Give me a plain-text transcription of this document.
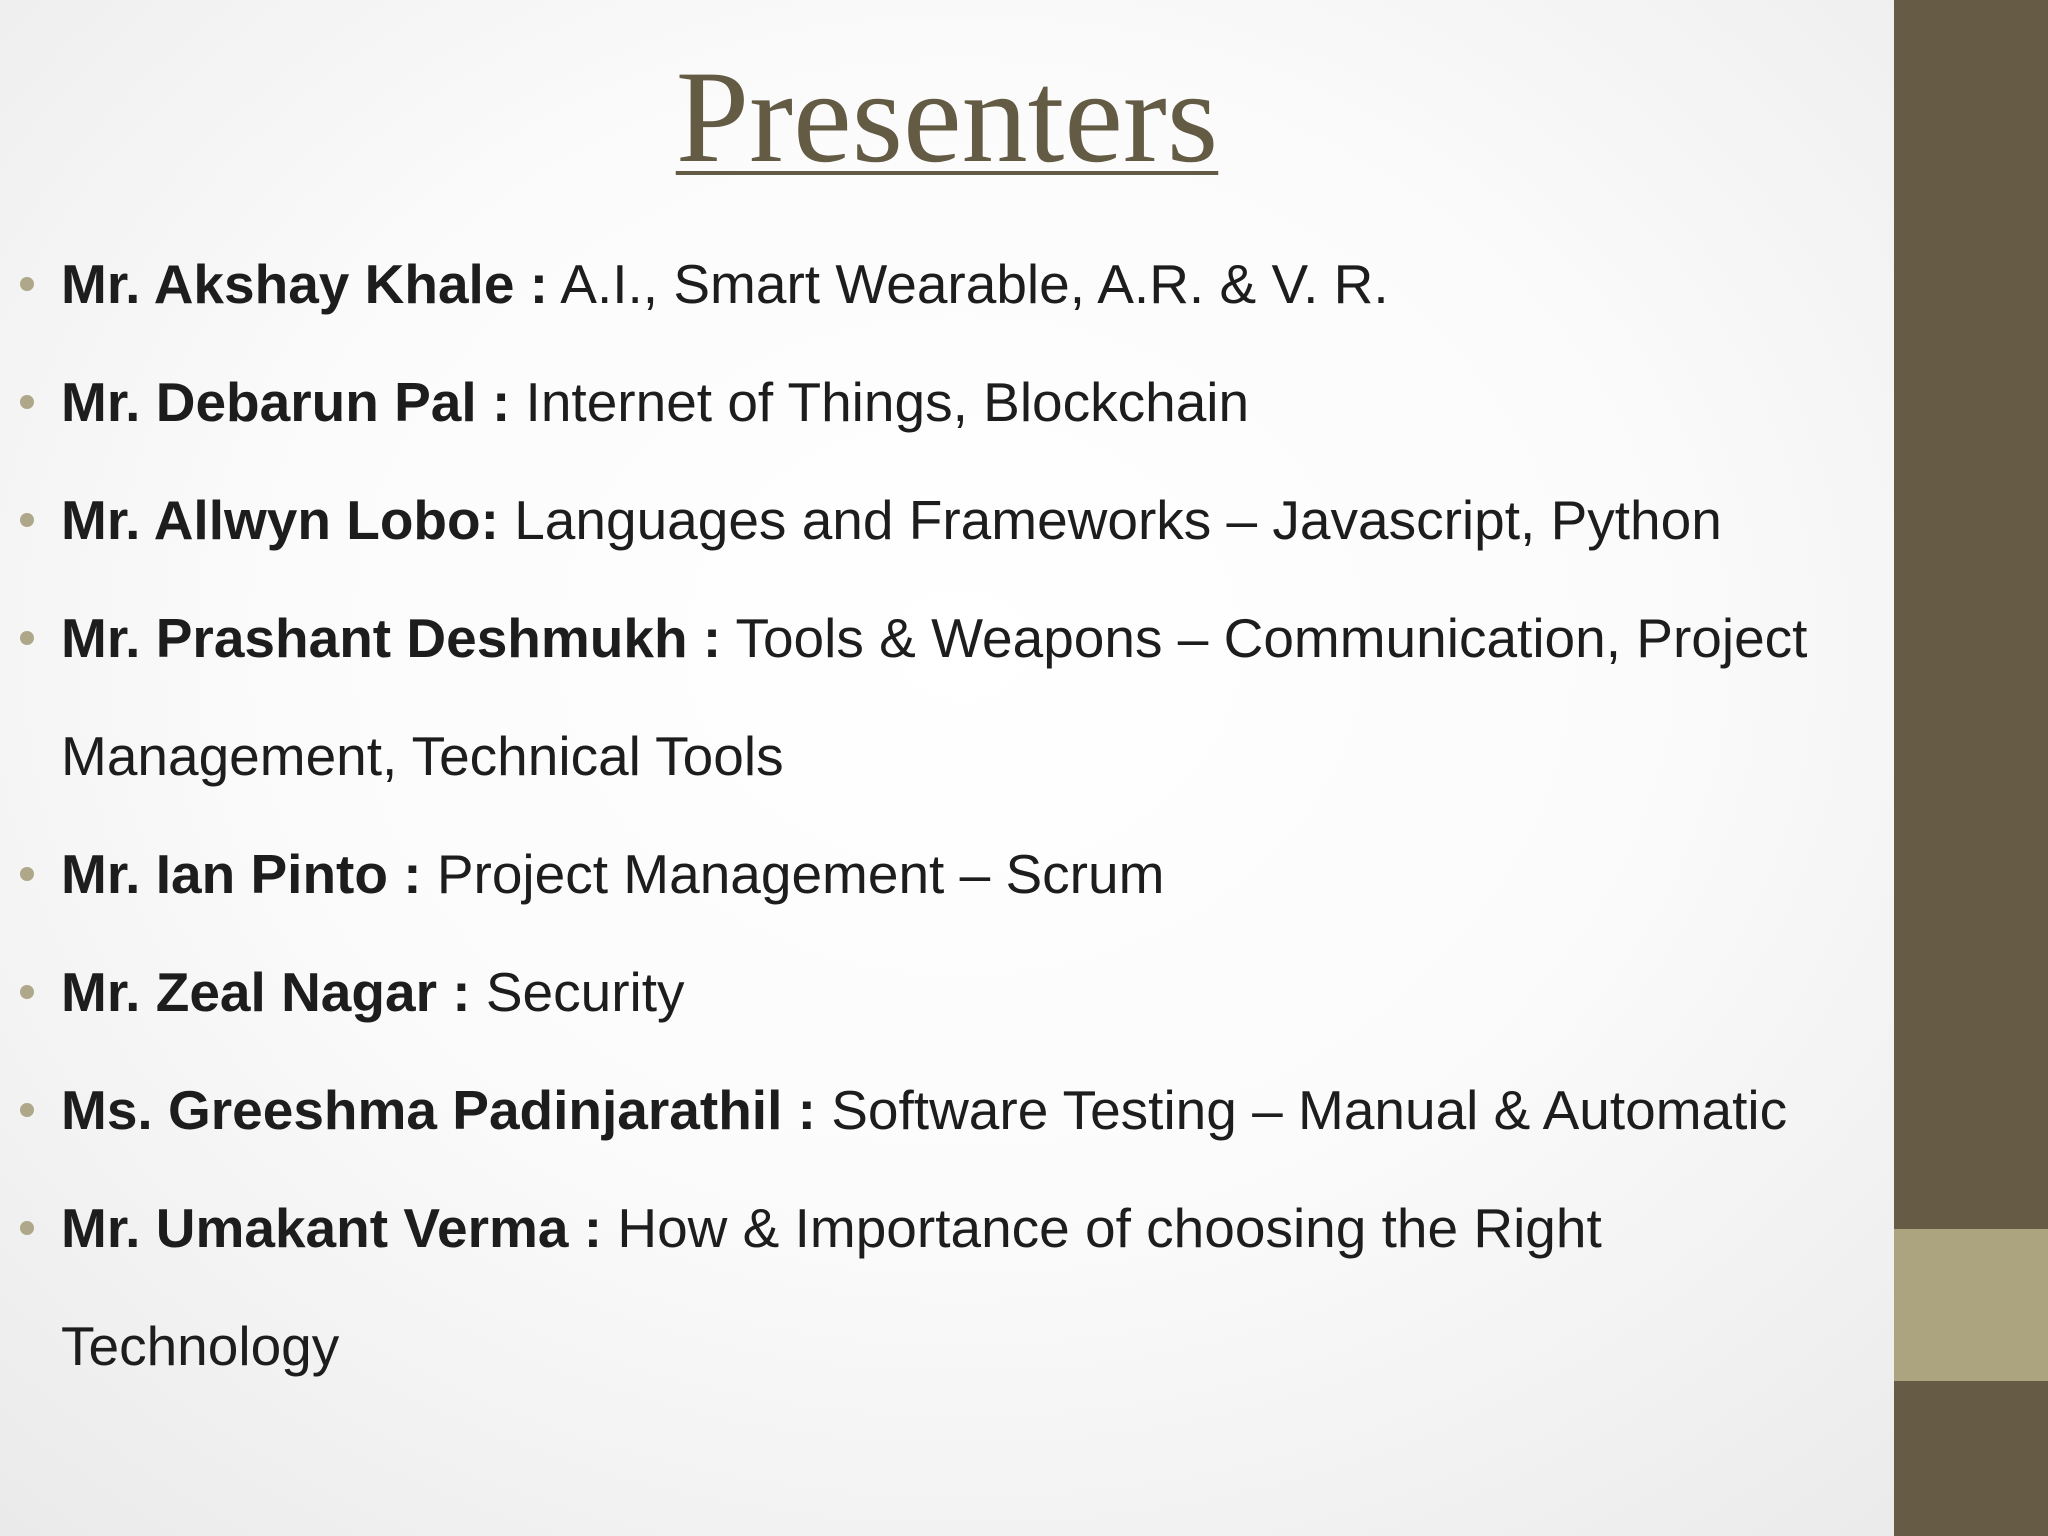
Presenters
Mr. Akshay Khale : A.I., Smart Wearable, A.R. & V. R.
Mr. Debarun Pal : Internet of Things, Blockchain
Mr. Allwyn Lobo: Languages and Frameworks – Javascript, Python
Mr. Prashant Deshmukh : Tools & Weapons – Communication, Project Management, Technical Tools
Mr. Ian Pinto : Project Management – Scrum
Mr. Zeal Nagar : Security
Ms. Greeshma Padinjarathil : Software Testing – Manual & Automatic
Mr. Umakant Verma : How & Importance of choosing the Right Technology
